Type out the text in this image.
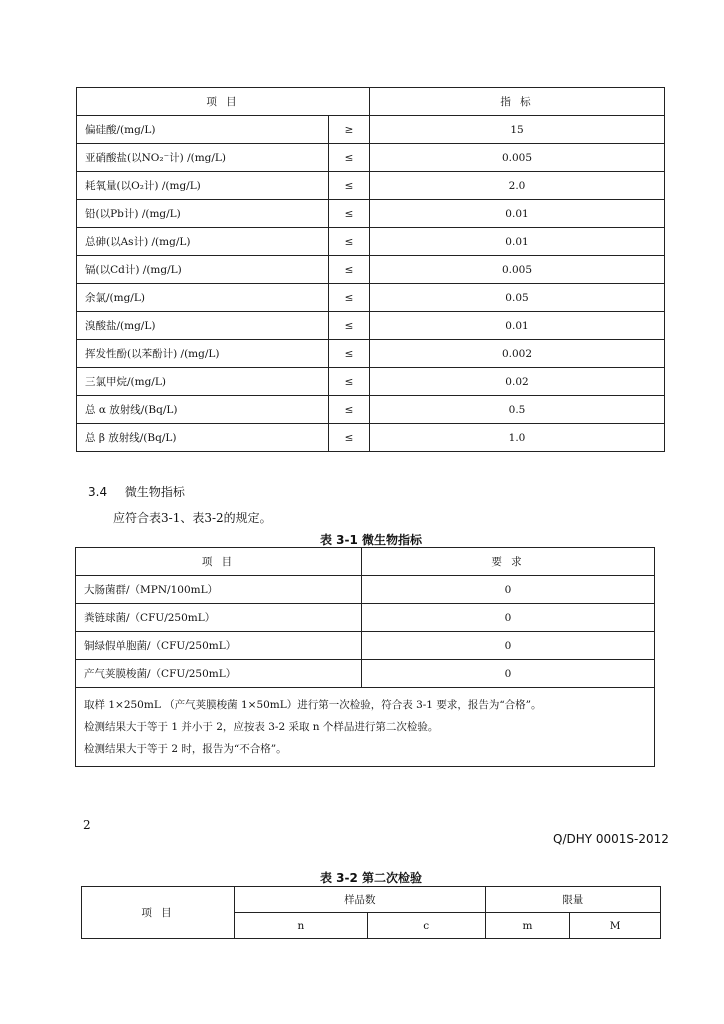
项 目		指 标
偏硅酸/(mg/L)	≥	15
亚硝酸盐(以NO₂⁻计) /(mg/L)	≤	0.005
耗氧量(以O₂计) /(mg/L)	≤	2.0
铅(以Pb计) /(mg/L)	≤	0.01
总砷(以As计) /(mg/L)	≤	0.01
镉(以Cd计) /(mg/L)	≤	0.005
余氯/(mg/L)	≤	0.05
溴酸盐/(mg/L)	≤	0.01
挥发性酚(以苯酚计) /(mg/L)	≤	0.002
三氯甲烷/(mg/L)	≤	0.02
总 α 放射线/(Bq/L)	≤	0.5
总 β 放射线/(Bq/L)	≤	1.0
3.4 微生物指标
应符合表3-1、表3-2的规定。
表 3-1 微生物指标
项 目	要 求
大肠菌群/（MPN/100mL）	0
粪链球菌/（CFU/250mL）	0
铜绿假单胞菌/（CFU/250mL）	0
产气荚膜梭菌/（CFU/250mL）	0

取样 1×250mL （产气荚膜梭菌 1×50mL）进行第一次检验，符合表 3-1 要求，报告为“合格”。
检测结果大于等于 1 并小于 2，应按表 3-2 采取 n 个样品进行第二次检验。
检测结果大于等于 2 时，报告为“不合格”。	
2
Q/DHY 0001S-2012
表 3-2 第二次检验
项 目	样品数		限量	
	n	c	m	M
